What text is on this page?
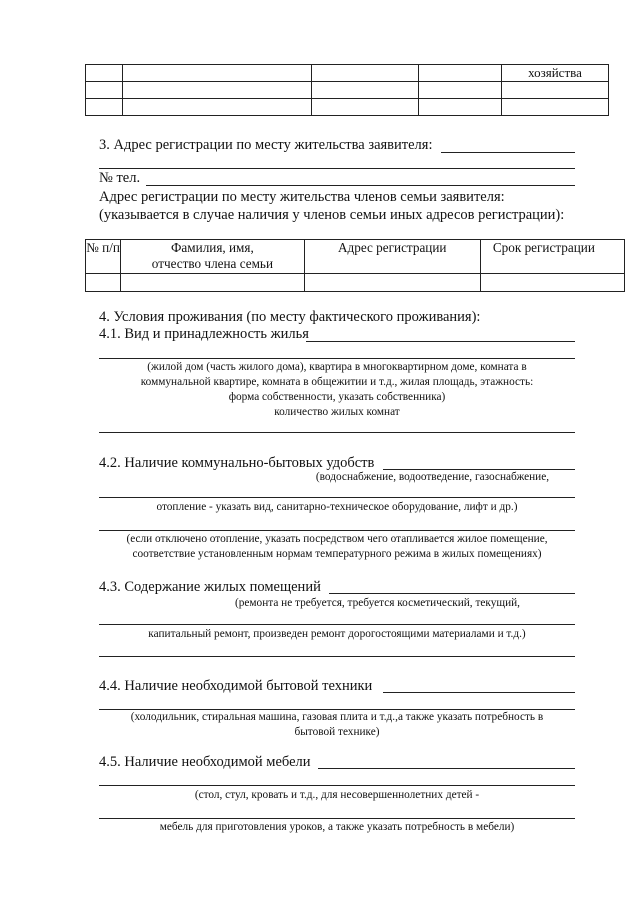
				хозяйства

3. Адрес регистрации по месту жительства заявителя:
№ тел.
Адрес регистрации по месту жительства членов семьи заявителя:
(указывается в случае наличия у членов семьи иных адресов регистрации):
№ п/п	Фамилия, имя, отчество члена семьи	Адрес регистрации	Срок регистрации

4. Условия проживания (по месту фактического проживания):
4.1. Вид и принадлежность жилья
(жилой дом (часть жилого дома), квартира в многоквартирном доме, комната в
коммунальной квартире, комната в общежитии и т.д., жилая площадь, этажность:
форма собственности, указать собственника)
количество жилых комнат
4.2. Наличие коммунально-бытовых удобств
(водоснабжение, водоотведение, газоснабжение,
отопление - указать вид, санитарно-техническое оборудование, лифт и др.)
(если отключено отопление, указать посредством чего отапливается жилое помещение,
соответствие установленным нормам температурного режима в жилых помещениях)
4.3. Содержание жилых помещений
(ремонта не требуется, требуется косметический, текущий,
капитальный ремонт, произведен ремонт дорогостоящими материалами и т.д.)
4.4. Наличие необходимой бытовой техники
(холодильник, стиральная машина, газовая плита и т.д.,а также указать потребность в
бытовой технике)
4.5. Наличие необходимой мебели
(стол, стул, кровать и т.д., для несовершеннолетних детей -
мебель для приготовления уроков, а также указать потребность в мебели)
